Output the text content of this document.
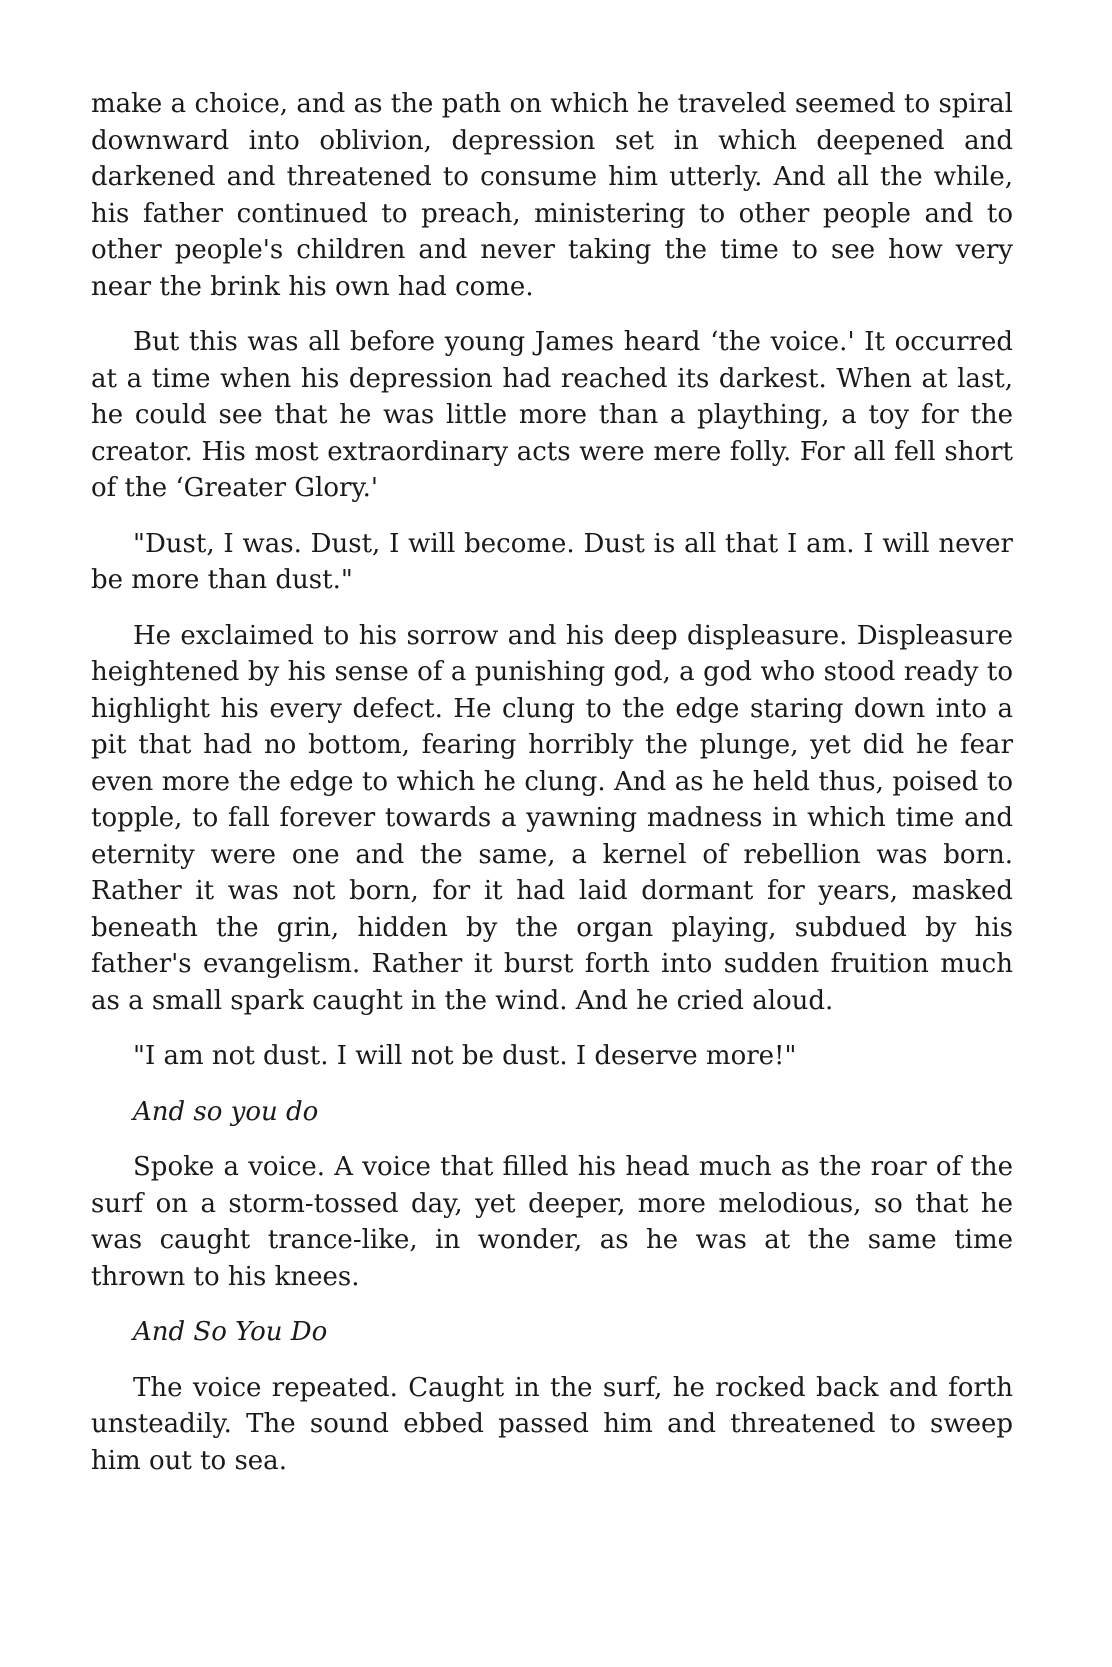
make a choice, and as the path on which he traveled seemed to spiral downward into oblivion, depression set in which deepened and darkened and threatened to consume him utterly. And all the while, his father continued to preach, ministering to other people and to other people's children and never taking the time to see how very near the brink his own had come.

But this was all before young James heard ‘the voice.' It occurred at a time when his depression had reached its darkest. When at last, he could see that he was little more than a plaything, a toy for the creator. His most extraordinary acts were mere folly. For all fell short of the ‘Greater Glory.'

"Dust, I was. Dust, I will become. Dust is all that I am. I will never be more than dust."

He exclaimed to his sorrow and his deep displeasure. Displeasure heightened by his sense of a punishing god, a god who stood ready to highlight his every defect. He clung to the edge staring down into a pit that had no bottom, fearing horribly the plunge, yet did he fear even more the edge to which he clung. And as he held thus, poised to topple, to fall forever towards a yawning madness in which time and eternity were one and the same, a kernel of rebellion was born. Rather it was not born, for it had laid dormant for years, masked beneath the grin, hidden by the organ playing, subdued by his father's evangelism. Rather it burst forth into sudden fruition much as a small spark caught in the wind. And he cried aloud.

"I am not dust. I will not be dust. I deserve more!"

And so you do

Spoke a voice. A voice that filled his head much as the roar of the surf on a storm-tossed day, yet deeper, more melodious, so that he was caught trance-like, in wonder, as he was at the same time thrown to his knees.

And So You Do

The voice repeated. Caught in the surf, he rocked back and forth unsteadily. The sound ebbed passed him and threatened to sweep him out to sea.
